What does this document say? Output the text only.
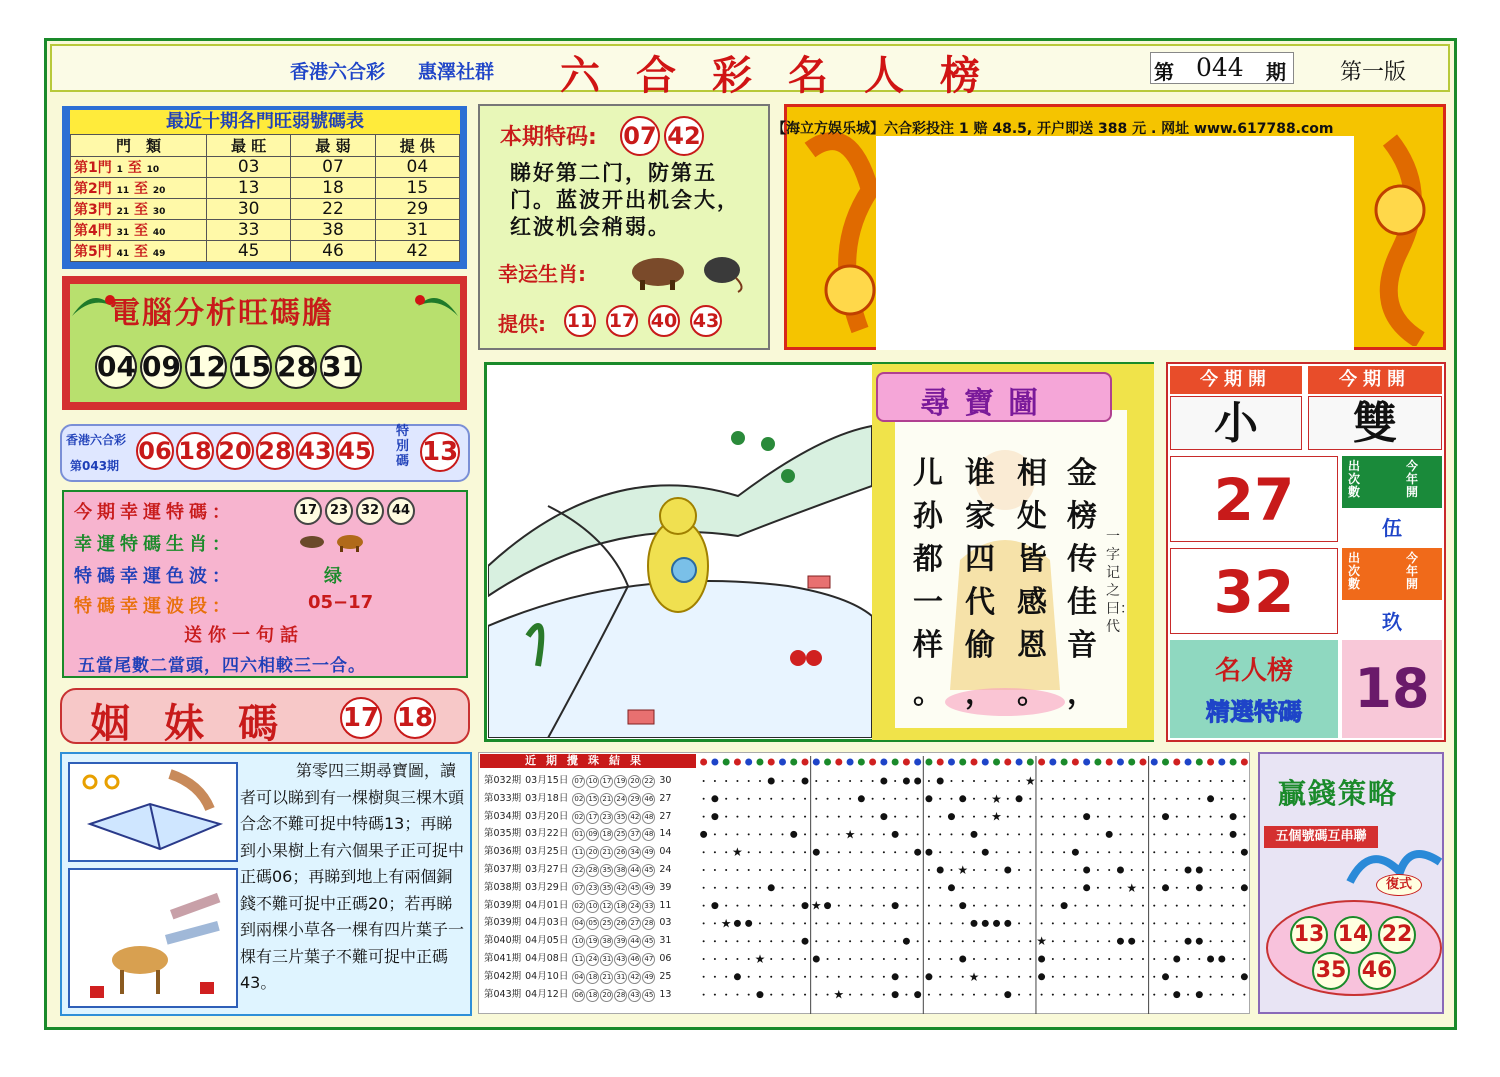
香港六合彩 惠澤社群 六合彩名人榜	第 044 期 第一版
最近十期各門旺弱號碼表
門　類	最 旺	最 弱	提 供
第1門 1 至 10	03	07	04
第2門 11 至 20	13	18	15
第3門 21 至 30	30	22	29
第4門 31 至 40	33	38	31
第5門 41 至 49	45	46	42
電腦分析旺碼膽
04 09 12 15 28 31
香港六合彩
第043期
06 18 20 28 43 45
特別碼 13
今期幸運特碼：	17 23 32 44
幸運特碼生肖：
特碼幸運色波：	绿
特碼幸運波段：	05−17
送你一句話
五當尾數二當頭，四六相較三一合。
姻妹碼 17 18
第零四三期尋寶圖，讀者可以睇到有一棵樹與三棵木頭合念不難可捉中特碼13；再睇到小果樹上有六個果子正可捉中正碼06；再睇到地上有兩個銅錢不難可捉中正碼20；若再睇到兩棵小草各一棵有四片葉子一棵有三片葉子不難可捉中正碼43。
本期特码: 07 42
睇好第二门，防第五门。蓝波开出机会大，红波机会稍弱。
幸运生肖:
提供: 11 17 40 43
【海立方娱乐城】六合彩投注 1 赔 48.5, 开户即送 388 元 . 网址 www.617788.com
尋寶圖
金榜传佳音
相处皆感恩
谁家四代偷
儿孙都一样
，
。
，
。
一字记之曰：代
今期開	今期開
小	雙
27	出次數
今年開
伍
32	出次數
今年開
玖
名人榜
精選特碼 18
近期攪珠結果
第032期 03月15日 07 10 17 19 20 22 30
第033期 03月18日 02 15 21 24 29 46 27
第034期 03月20日 02 17 23 35 42 48 27
第035期 03月22日 01 09 18 25 37 48 14
第036期 03月25日 11 20 21 26 34 49 04
第037期 03月27日 22 28 35 38 44 45 24
第038期 03月29日 07 23 35 42 45 49 39
第039期 04月01日 02 10 12 18 24 33 11
第039期 04月03日 04 05 25 26 27 28 03
第040期 04月05日 10 19 38 39 44 45 31
第041期 04月08日 11 24 31 43 46 47 06
第042期 04月10日 04 18 21 31 42 49 25
第043期 04月12日 06 18 20 28 43 45 13
★
★
★
★
★
★
★
★
★
★
★
★
★
贏錢策略
五個號碼互串聯
復式
13 14 22
35 46
